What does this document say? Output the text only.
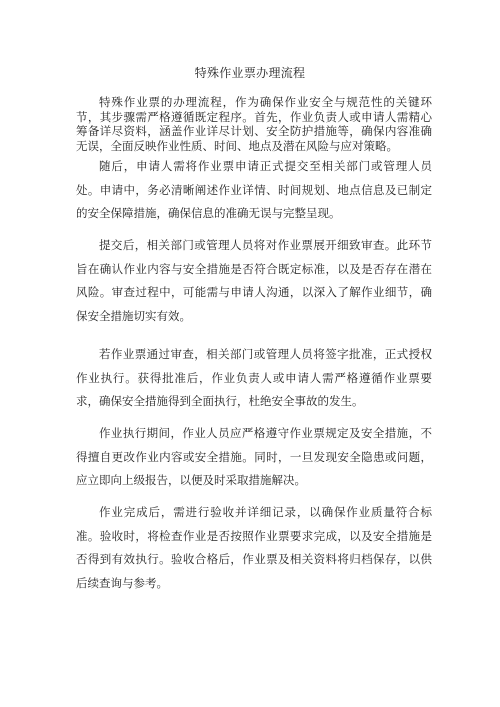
特殊作业票办理流程

特殊作业票的办理流程，作为确保作业安全与规范性的关键环节，其步骤需严格遵循既定程序。首先，作业负责人或申请人需精心筹备详尽资料，涵盖作业详尽计划、安全防护措施等，确保内容准确无误，全面反映作业性质、时间、地点及潜在风险与应对策略。

随后，申请人需将作业票申请正式提交至相关部门或管理人员处。申请中，务必清晰阐述作业详情、时间规划、地点信息及已制定的安全保障措施，确保信息的准确无误与完整呈现。

提交后，相关部门或管理人员将对作业票展开细致审查。此环节旨在确认作业内容与安全措施是否符合既定标准，以及是否存在潜在风险。审查过程中，可能需与申请人沟通，以深入了解作业细节，确保安全措施切实有效。

若作业票通过审查，相关部门或管理人员将签字批准，正式授权作业执行。获得批准后，作业负责人或申请人需严格遵循作业票要求，确保安全措施得到全面执行，杜绝安全事故的发生。

作业执行期间，作业人员应严格遵守作业票规定及安全措施，不得擅自更改作业内容或安全措施。同时，一旦发现安全隐患或问题，应立即向上级报告，以便及时采取措施解决。

作业完成后，需进行验收并详细记录，以确保作业质量符合标准。验收时，将检查作业是否按照作业票要求完成，以及安全措施是否得到有效执行。验收合格后，作业票及相关资料将归档保存，以供后续查询与参考。
